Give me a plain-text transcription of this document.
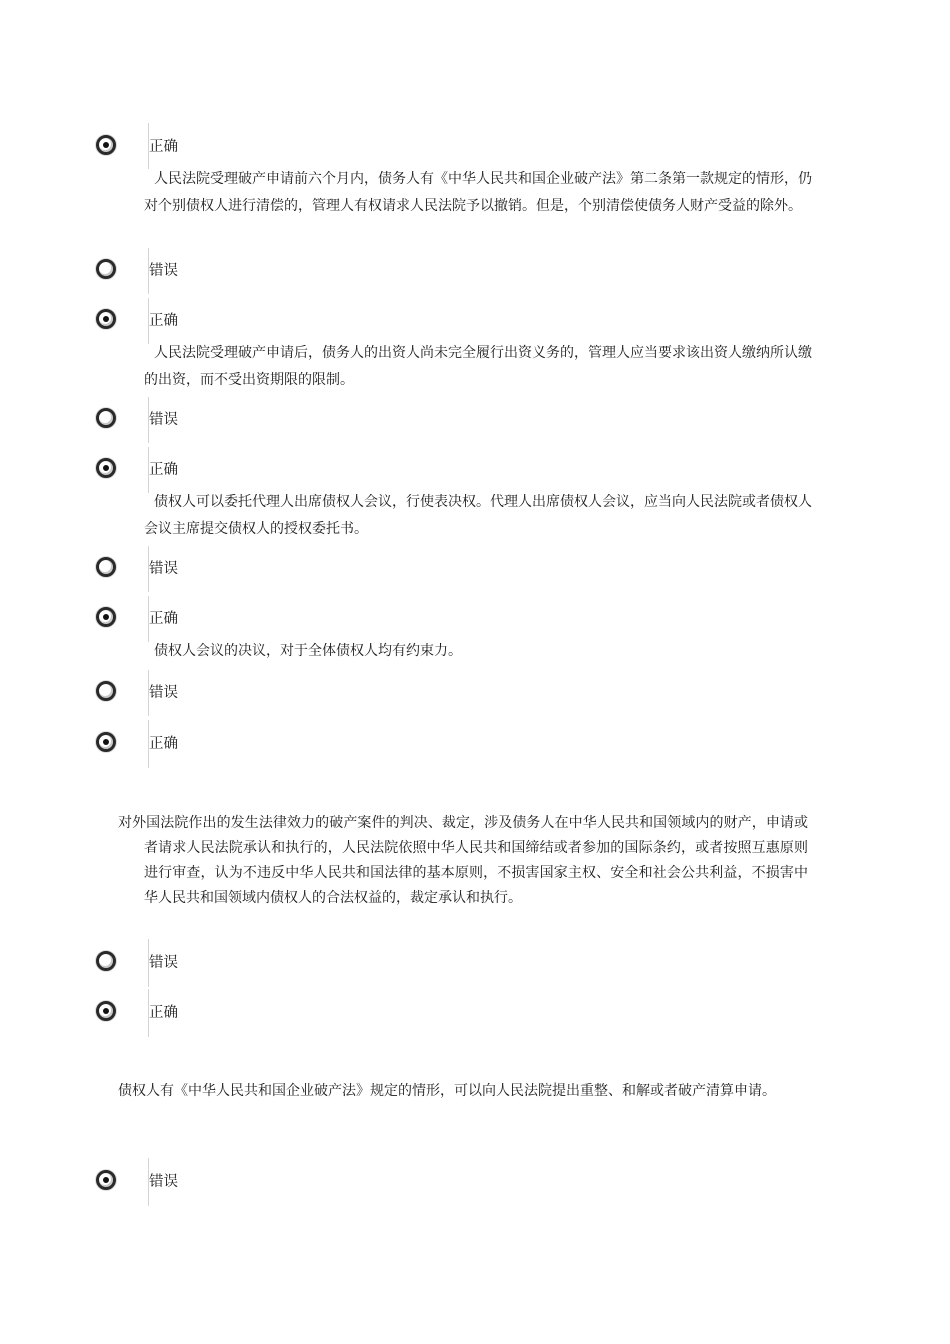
正确
人民法院受理破产申请前六个月内，债务人有《中华人民共和国企业破产法》第二条第一款规定的情形，仍对个别债权人进行清偿的，管理人有权请求人民法院予以撤销。但是，个别清偿使债务人财产受益的除外。
错误
正确
人民法院受理破产申请后，债务人的出资人尚未完全履行出资义务的，管理人应当要求该出资人缴纳所认缴的出资，而不受出资期限的限制。
错误
正确
债权人可以委托代理人出席债权人会议，行使表决权。代理人出席债权人会议，应当向人民法院或者债权人会议主席提交债权人的授权委托书。
错误
正确
债权人会议的决议，对于全体债权人均有约束力。
错误
正确
对外国法院作出的发生法律效力的破产案件的判决、裁定，涉及债务人在中华人民共和国领域内的财产，申请或者请求人民法院承认和执行的，人民法院依照中华人民共和国缔结或者参加的国际条约，或者按照互惠原则进行审查，认为不违反中华人民共和国法律的基本原则，不损害国家主权、安全和社会公共利益，不损害中华人民共和国领域内债权人的合法权益的，裁定承认和执行。
错误
正确
债权人有《中华人民共和国企业破产法》规定的情形，可以向人民法院提出重整、和解或者破产清算申请。
错误
